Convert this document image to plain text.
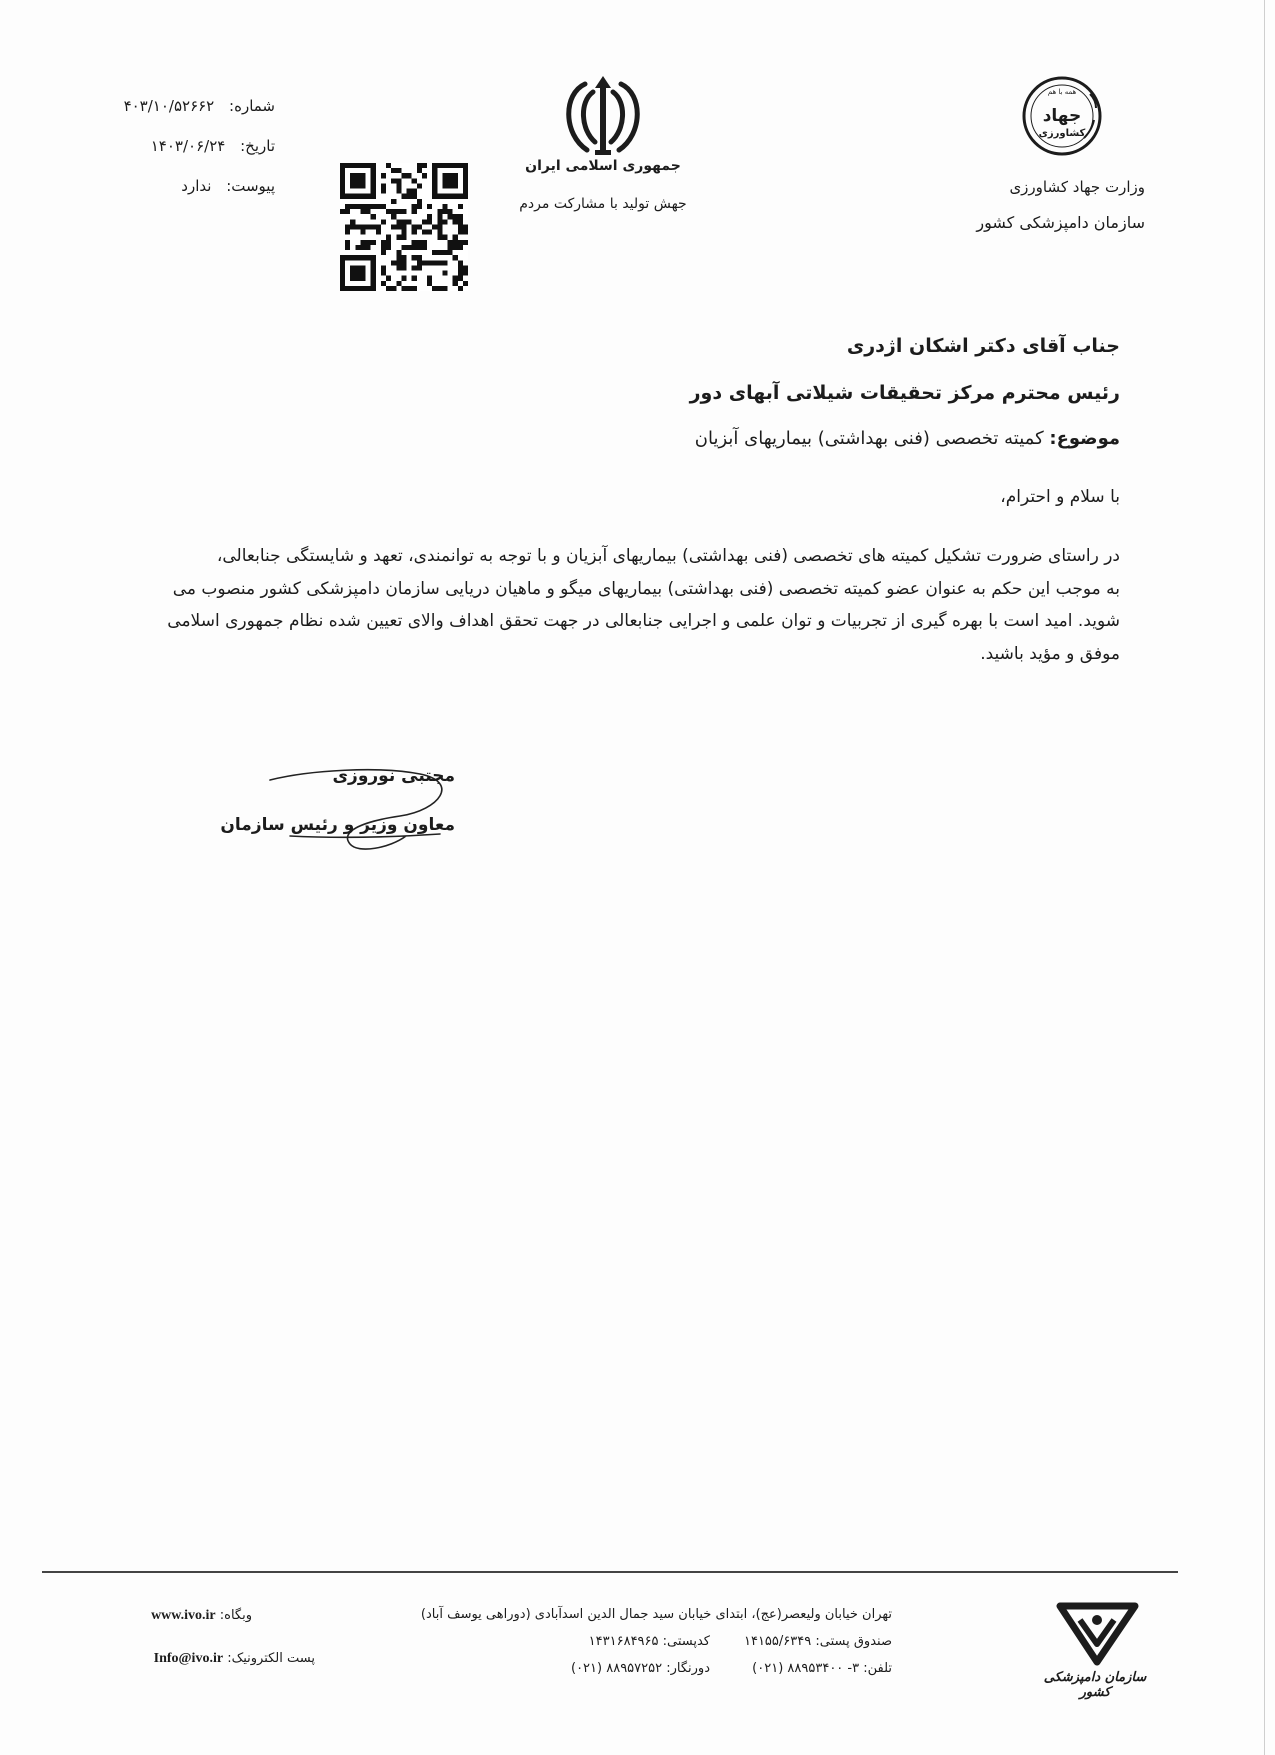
شماره: ۴۰۳/۱۰/۵۲۶۶۲
تاریخ: ۱۴۰۳/۰۶/۲۴
پیوست: ندارد
جمهوری اسلامی ایران
جهش تولید با مشارکت مردم
همه با هم
جهاد
کشاورزی
وزارت جهاد کشاورزی
سازمان دامپزشکی کشور
جناب آقای دکتر اشکان اژدری
رئیس محترم مرکز تحقیقات شیلاتی آبهای دور
موضوع: کمیته تخصصی (فنی بهداشتی) بیماریهای آبزیان
با سلام و احترام،
در راستای ضرورت تشکیل کمیته های تخصصی (فنی بهداشتی) بیماریهای آبزیان و با توجه به توانمندی، تعهد و شایستگی جنابعالی،
به موجب این حکم به عنوان عضو کمیته تخصصی (فنی بهداشتی) بیماریهای میگو و ماهیان دریایی سازمان دامپزشکی کشور منصوب می
شوید. امید است با بهره گیری از تجربیات و توان علمی و اجرایی جنابعالی در جهت تحقق اهداف والای تعیین شده نظام جمهوری اسلامی
موفق و مؤید باشید.
مجتبی نوروزی
معاون وزیر و رئیس سازمان
سازمان دامپزشکی کشور
تهران خیابان ولیعصر(عج)، ابتدای خیابان سید جمال الدین اسدآبادی (دوراهی یوسف آباد)
صندوق پستی: ۱۴۱۵۵/۶۳۴۹
کدپستی: ۱۴۳۱۶۸۴۹۶۵
تلفن: ۳- ۸۸۹۵۳۴۰۰ (۰۲۱)
دورنگار: ۸۸۹۵۷۲۵۲ (۰۲۱)
وبگاه: www.ivo.ir
پست الکترونیک: Info@ivo.ir
